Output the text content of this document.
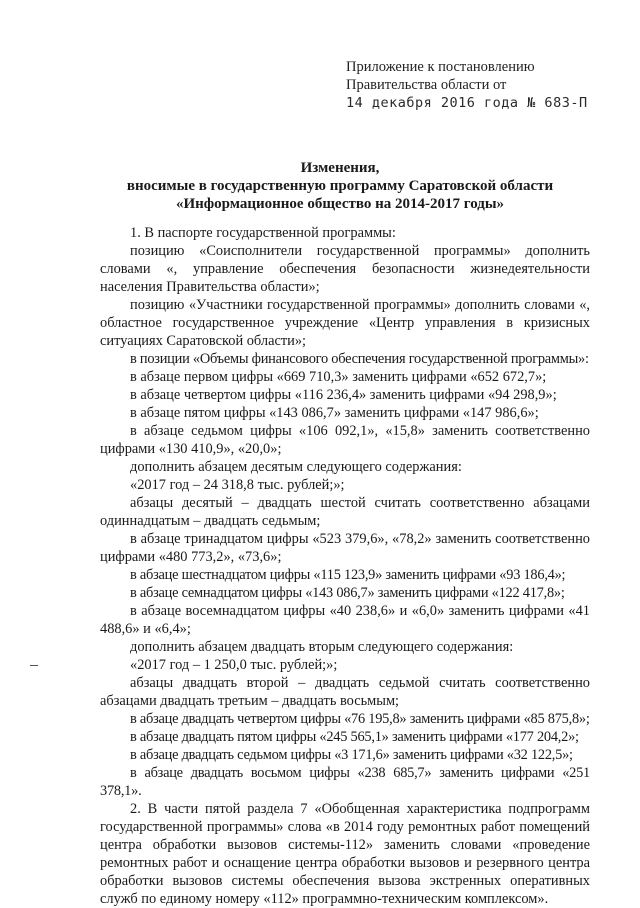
Приложение к постановлению
Правительства области от
14 декабря 2016 года № 683-П
Изменения,
вносимые в государственную программу Саратовской области
«Информационное общество на 2014-2017 годы»

1. В паспорте государственной программы:

позицию «Соисполнители государственной программы» дополнить словами «, управление обеспечения безопасности жизнедеятельности населения Правительства области»;

позицию «Участники государственной программы» дополнить словами «, областное государственное учреждение «Центр управления в кризисных ситуациях Саратовской области»;

в позиции «Объемы финансового обеспечения государственной программы»:

в абзаце первом цифры «669 710,3» заменить цифрами «652 672,7»;

в абзаце четвертом цифры «116 236,4» заменить цифрами «94 298,9»;

в абзаце пятом цифры «143 086,7» заменить цифрами «147 986,6»;

в абзаце седьмом цифры «106 092,1», «15,8» заменить соответственно цифрами «130 410,9», «20,0»;

дополнить абзацем десятым следующего содержания:

«2017 год – 24 318,8 тыс. рублей;»;

абзацы десятый – двадцать шестой считать соответственно абзацами одиннадцатым – двадцать седьмым;

в абзаце тринадцатом цифры «523 379,6», «78,2» заменить соответственно цифрами «480 773,2», «73,6»;

в абзаце шестнадцатом цифры «115 123,9» заменить цифрами «93 186,4»;

в абзаце семнадцатом цифры «143 086,7» заменить цифрами «122 417,8»;

в абзаце восемнадцатом цифры «40 238,6» и «6,0» заменить цифрами «41 488,6» и «6,4»;

дополнить абзацем двадцать вторым следующего содержания:

«2017 год – 1 250,0 тыс. рублей;»;

абзацы двадцать второй – двадцать седьмой считать соответственно абзацами двадцать третьим – двадцать восьмым;

в абзаце двадцать четвертом цифры «76 195,8» заменить цифрами «85 875,8»;

в абзаце двадцать пятом цифры «245 565,1» заменить цифрами «177 204,2»;

в абзаце двадцать седьмом цифры «3 171,6» заменить цифрами «32 122,5»;

в абзаце двадцать восьмом цифры «238 685,7» заменить цифрами «251 378,1».

2. В части пятой раздела 7 «Обобщенная характеристика подпрограмм государственной программы» слова «в 2014 году ремонтных работ помещений центра обработки вызовов системы-112» заменить словами «проведение ремонтных работ и оснащение центра обработки вызовов и резервного центра обработки вызовов системы обеспечения вызова экстренных оперативных служб по единому номеру «112» программно-техническим комплексом».
